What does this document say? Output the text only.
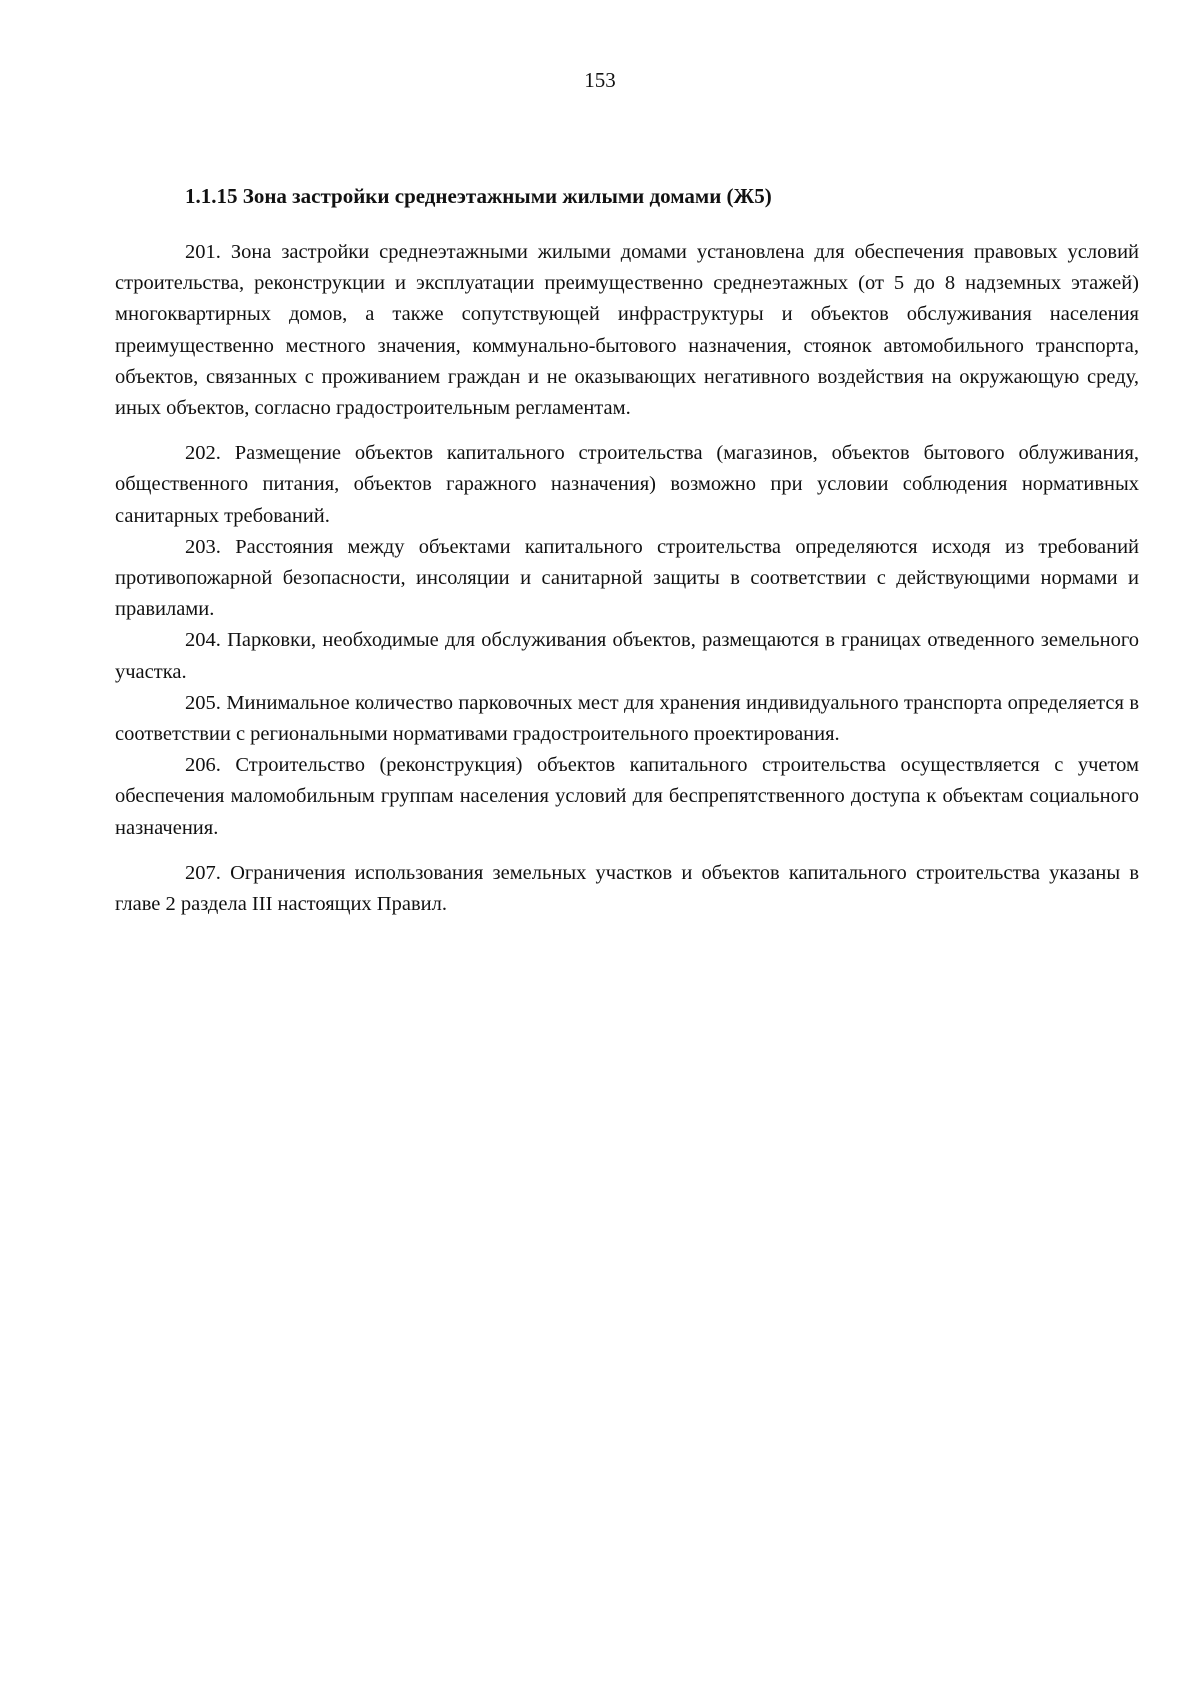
153
1.1.15 Зона застройки среднеэтажными жилыми домами (Ж5)

201. Зона застройки среднеэтажными жилыми домами установлена для обеспечения правовых условий строительства, реконструкции и эксплуатации преимущественно среднеэтажных (от 5 до 8 надземных этажей) многоквартирных домов, а также сопутствующей инфраструктуры и объектов обслуживания населения преимущественно местного значения, коммунально-бытового назначения, стоянок автомобильного транспорта, объектов, связанных с проживанием граждан и не оказывающих негативного воздействия на окружающую среду, иных объектов, согласно градостроительным регламентам.

202. Размещение объектов капитального строительства (магазинов, объектов бытового облуживания, общественного питания, объектов гаражного назначения) возможно при условии соблюдения нормативных санитарных требований.

203. Расстояния между объектами капитального строительства определяются исходя из требований противопожарной безопасности, инсоляции и санитарной защиты в соответствии с действующими нормами и правилами.

204. Парковки, необходимые для обслуживания объектов, размещаются в границах отведенного земельного участка.

205. Минимальное количество парковочных мест для хранения индивидуального транспорта определяется в соответствии с региональными нормативами градостроительного проектирования.

206. Строительство (реконструкция) объектов капитального строительства осуществляется с учетом обеспечения маломобильным группам населения условий для беспрепятственного доступа к объектам социального назначения.

207. Ограничения использования земельных участков и объектов капитального строительства указаны в главе 2 раздела III настоящих Правил.
